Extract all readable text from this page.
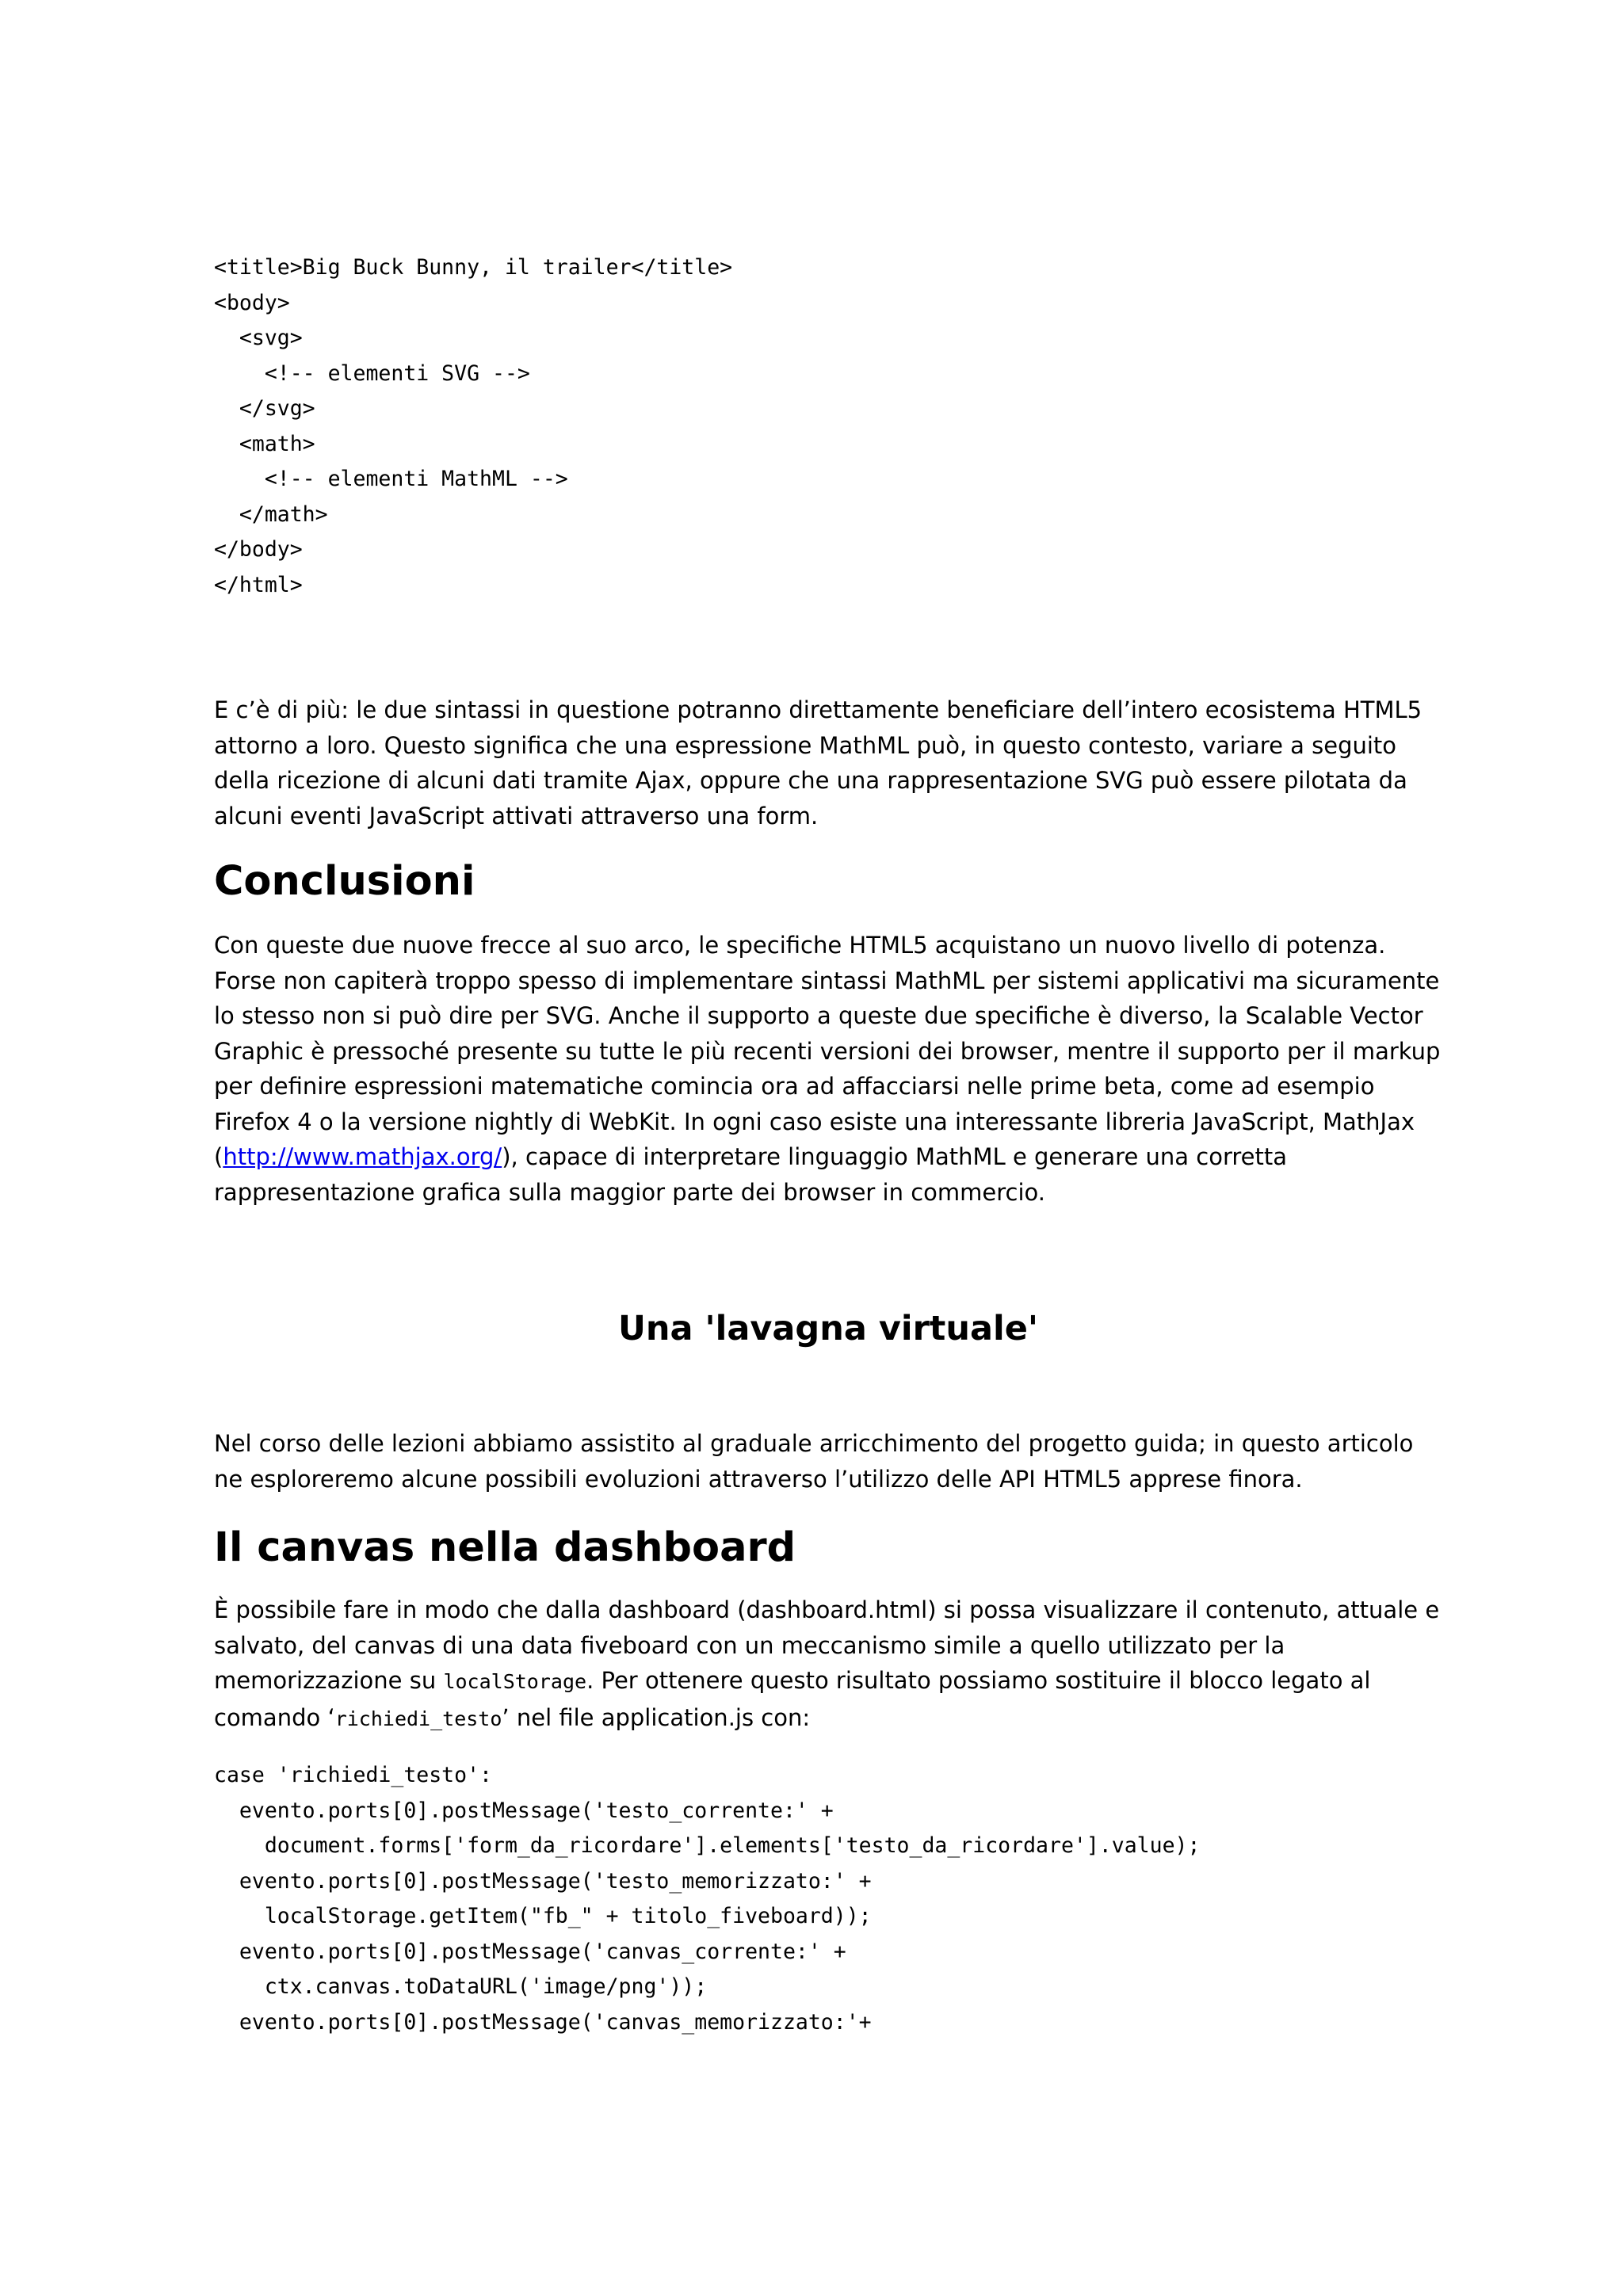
<title>Big Buck Bunny, il trailer</title>
<body>
<svg>
<!-- elementi SVG -->
</svg>
<math>
<!-- elementi MathML -->
</math>
</body>
</html>

E c’è di più: le due sintassi in questione potranno direttamente beneficiare dell’intero ecosistema HTML5 attorno a loro. Questo significa che una espressione MathML può, in questo contesto, variare a seguito della ricezione di alcuni dati tramite Ajax, oppure che una rappresentazione SVG può essere pilotata da alcuni eventi JavaScript attivati attraverso una form.

Conclusioni

Con queste due nuove frecce al suo arco, le specifiche HTML5 acquistano un nuovo livello di potenza. Forse non capiterà troppo spesso di implementare sintassi MathML per sistemi applicativi ma sicuramente lo stesso non si può dire per SVG. Anche il supporto a queste due specifiche è diverso, la Scalable Vector Graphic è pressoché presente su tutte le più recenti versioni dei browser, mentre il supporto per il markup per definire espressioni matematiche comincia ora ad affacciarsi nelle prime beta, come ad esempio Firefox 4 o la versione nightly di WebKit. In ogni caso esiste una interessante libreria JavaScript, MathJax (http://www.mathjax.org/), capace di interpretare linguaggio MathML e generare una corretta rappresentazione grafica sulla maggior parte dei browser in commercio.

Una 'lavagna virtuale'

Nel corso delle lezioni abbiamo assistito al graduale arricchimento del progetto guida; in questo articolo ne esploreremo alcune possibili evoluzioni attraverso l’utilizzo delle API HTML5 apprese finora.

Il canvas nella dashboard

È possibile fare in modo che dalla dashboard (dashboard.html) si possa visualizzare il contenuto, attuale e salvato, del canvas di una data fiveboard con un meccanismo simile a quello utilizzato per la memorizzazione su localStorage. Per ottenere questo risultato possiamo sostituire il blocco legato al comando ‘richiedi_testo’ nel file application.js con:

case 'richiedi_testo':
evento.ports[0].postMessage('testo_corrente:' +
document.forms['form_da_ricordare'].elements['testo_da_ricordare'].value);
evento.ports[0].postMessage('testo_memorizzato:' +
localStorage.getItem("fb_" + titolo_fiveboard));
evento.ports[0].postMessage('canvas_corrente:' +
ctx.canvas.toDataURL('image/png'));
evento.ports[0].postMessage('canvas_memorizzato:'+
